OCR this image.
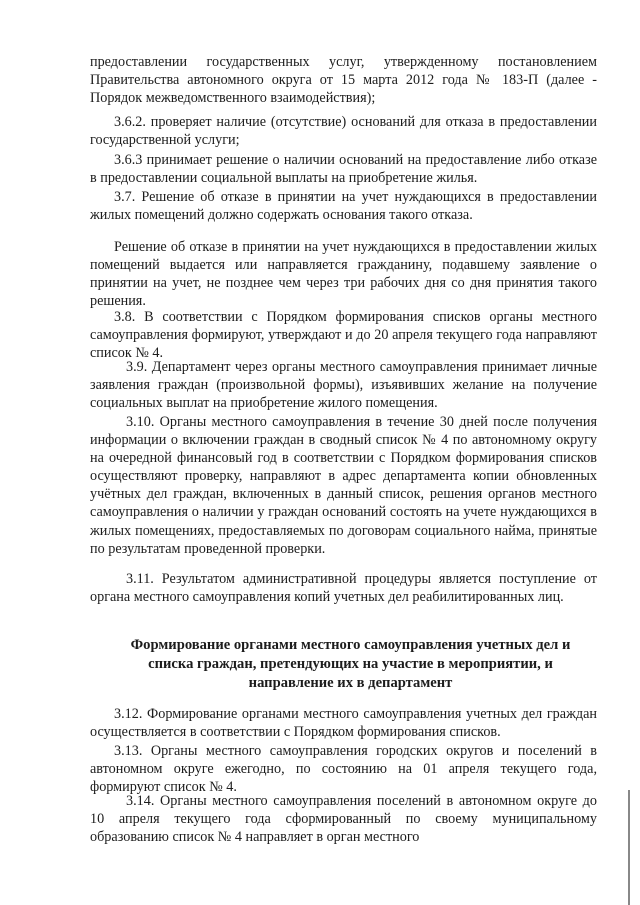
предоставлении государственных услуг, утвержденному постановлением Правительства автономного округа от 15 марта 2012 года № 183-П (далее - Порядок межведомственного взаимодействия);

3.6.2. проверяет наличие (отсутствие) оснований для отказа в предоставлении государственной услуги;

3.6.3 принимает решение о наличии оснований на предоставление либо отказе в предоставлении социальной выплаты на приобретение жилья.

3.7. Решение об отказе в принятии на учет нуждающихся в предоставлении жилых помещений должно содержать основания такого отказа.

Решение об отказе в принятии на учет нуждающихся в предоставлении жилых помещений выдается или направляется гражданину, подавшему заявление о принятии на учет, не позднее чем через три рабочих дня со дня принятия такого решения.

3.8. В соответствии с Порядком формирования списков органы местного самоуправления формируют, утверждают и до 20 апреля текущего года направляют список № 4.

3.9. Департамент через органы местного самоуправления принимает личные заявления граждан (произвольной формы), изъявивших желание на получение социальных выплат на приобретение жилого помещения.

3.10. Органы местного самоуправления в течение 30 дней после получения информации о включении граждан в сводный список № 4 по автономному округу на очередной финансовый год в соответствии с Порядком формирования списков осуществляют проверку, направляют в адрес департамента копии обновленных учётных дел граждан, включенных в данный список, решения органов местного самоуправления о наличии у граждан оснований состоять на учете нуждающихся в жилых помещениях, предоставляемых по договорам социального найма, принятые по результатам проведенной проверки.

3.11. Результатом административной процедуры является поступление от органа местного самоуправления копий учетных дел реабилитированных лиц.

Формирование органами местного самоуправления учетных дел и списка граждан, претендующих на участие в мероприятии, и направление их в департамент

3.12. Формирование органами местного самоуправления учетных дел граждан осуществляется в соответствии с Порядком формирования списков.

3.13. Органы местного самоуправления городских округов и поселений в автономном округе ежегодно, по состоянию на 01 апреля текущего года, формируют список № 4.

3.14. Органы местного самоуправления поселений в автономном округе до 10 апреля текущего года сформированный по своему муниципальному образованию список № 4 направляет в орган местного
